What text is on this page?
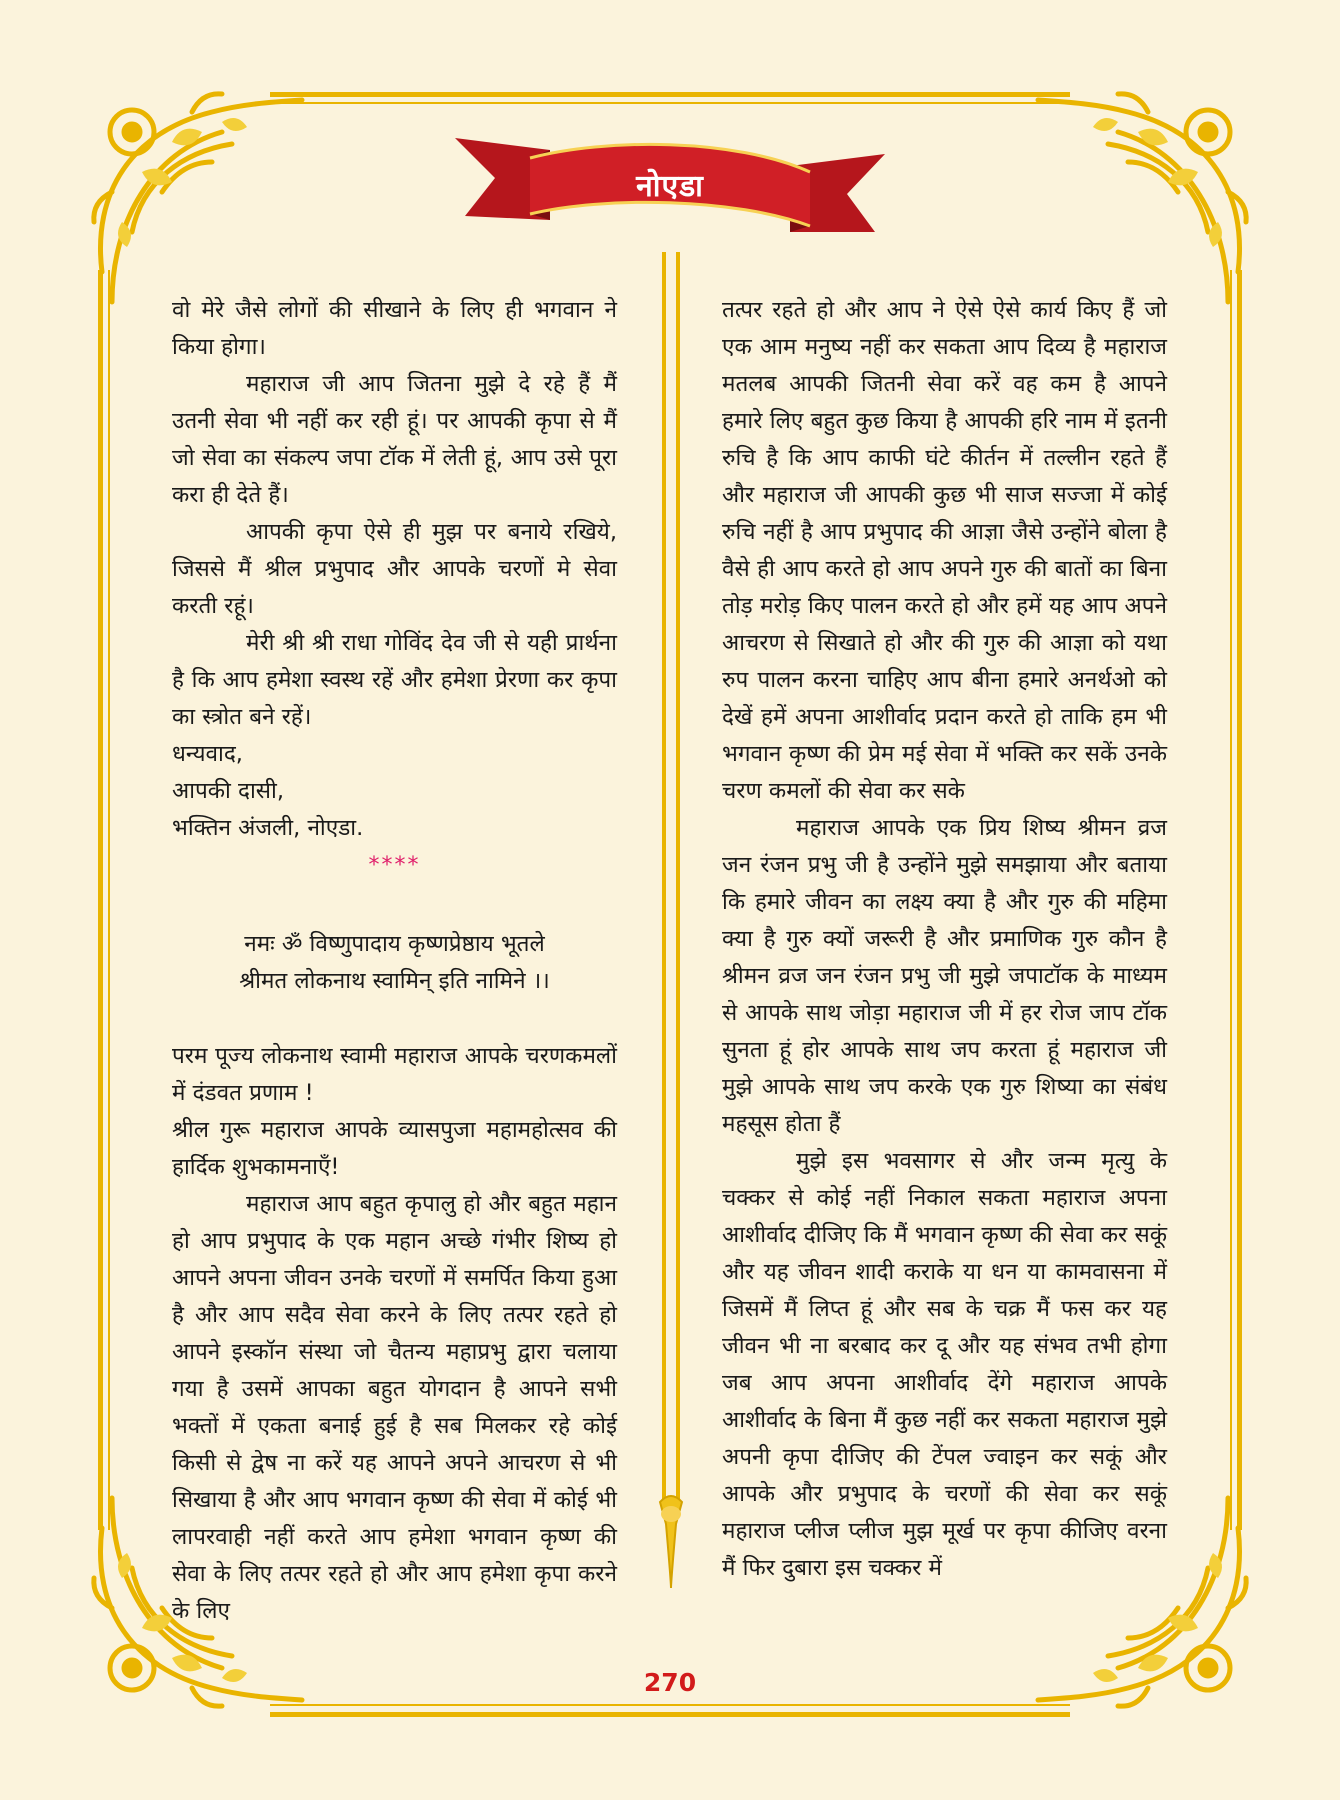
नोएडा

वो मेरे जैसे लोगों की सीखाने के लिए ही भगवान ने किया होगा।

महाराज जी आप जितना मुझे दे रहे हैं मैं उतनी सेवा भी नहीं कर रही हूं। पर आपकी कृपा से मैं जो सेवा का संकल्प जपा टॉक में लेती हूं, आप उसे पूरा करा ही देते हैं।

आपकी कृपा ऐसे ही मुझ पर बनाये रखिये, जिससे मैं श्रील प्रभुपाद और आपके चरणों मे सेवा करती रहूं।

मेरी श्री श्री राधा गोविंद देव जी से यही प्रार्थना है कि आप हमेशा स्वस्थ रहें और हमेशा प्रेरणा कर कृपा का स्त्रोत बने रहें।

धन्यवाद,

आपकी दासी,

भक्तिन अंजली, नोएडा.

****
नमः ॐ विष्णुपादाय कृष्णप्रेष्ठाय भूतले
श्रीमत लोकनाथ स्वामिन् इति नामिने ।।

परम पूज्य लोकनाथ स्वामी महाराज आपके चरणकमलों में दंडवत प्रणाम !

श्रील गुरू महाराज आपके व्यासपुजा महामहोत्सव की हार्दिक शुभकामनाएँ!

महाराज आप बहुत कृपालु हो और बहुत महान हो आप प्रभुपाद के एक महान अच्छे गंभीर शिष्य हो आपने अपना जीवन उनके चरणों में समर्पित किया हुआ है और आप सदैव सेवा करने के लिए तत्पर रहते हो आपने इस्कॉन संस्था जो चैतन्य महाप्रभु द्वारा चलाया गया है उसमें आपका बहुत योगदान है आपने सभी भक्तों में एकता बनाई हुई है सब मिलकर रहे कोई किसी से द्वेष ना करें यह आपने अपने आचरण से भी सिखाया है और आप भगवान कृष्ण की सेवा में कोई भी लापरवाही नहीं करते आप हमेशा भगवान कृष्ण की सेवा के लिए तत्पर रहते हो और आप हमेशा कृपा करने के लिए

तत्पर रहते हो और आप ने ऐसे ऐसे कार्य किए हैं जो एक आम मनुष्य नहीं कर सकता आप दिव्य है महाराज मतलब आपकी जितनी सेवा करें वह कम है आपने हमारे लिए बहुत कुछ किया है आपकी हरि नाम में इतनी रुचि है कि आप काफी घंटे कीर्तन में तल्लीन रहते हैं और महाराज जी आपकी कुछ भी साज सज्जा में कोई रुचि नहीं है आप प्रभुपाद की आज्ञा जैसे उन्होंने बोला है वैसे ही आप करते हो आप अपने गुरु की बातों का बिना तोड़ मरोड़ किए पालन करते हो और हमें यह आप अपने आचरण से सिखाते हो और की गुरु की आज्ञा को यथा रुप पालन करना चाहिए आप बीना हमारे अनर्थओ को देखें हमें अपना आशीर्वाद प्रदान करते हो ताकि हम भी भगवान कृष्ण की प्रेम मई सेवा में भक्ति कर सकें उनके चरण कमलों की सेवा कर सके

महाराज आपके एक प्रिय शिष्य श्रीमन व्रज जन रंजन प्रभु जी है उन्होंने मुझे समझाया और बताया कि हमारे जीवन का लक्ष्य क्या है और गुरु की महिमा क्या है गुरु क्यों जरूरी है और प्रमाणिक गुरु कौन है श्रीमन व्रज जन रंजन प्रभु जी मुझे जपाटॉक के माध्यम से आपके साथ जोड़ा महाराज जी में हर रोज जाप टॉक सुनता हूं होर आपके साथ जप करता हूं महाराज जी मुझे आपके साथ जप करके एक गुरु शिष्या का संबंध महसूस होता हैं

मुझे इस भवसागर से और जन्म मृत्यु के चक्कर से कोई नहीं निकाल सकता महाराज अपना आशीर्वाद दीजिए कि मैं भगवान कृष्ण की सेवा कर सकूं और यह जीवन शादी कराके या धन या कामवासना में जिसमें मैं लिप्त हूं और सब के चक्र मैं फस कर यह जीवन भी ना बरबाद कर दू और यह संभव तभी होगा जब आप अपना आशीर्वाद देंगे महाराज आपके आशीर्वाद के बिना मैं कुछ नहीं कर सकता महाराज मुझे अपनी कृपा दीजिए की टेंपल ज्वाइन कर सकूं और आपके और प्रभुपाद के चरणों की सेवा कर सकूं महाराज प्लीज प्लीज मुझ मूर्ख पर कृपा कीजिए वरना मैं फिर दुबारा इस चक्कर में

270
